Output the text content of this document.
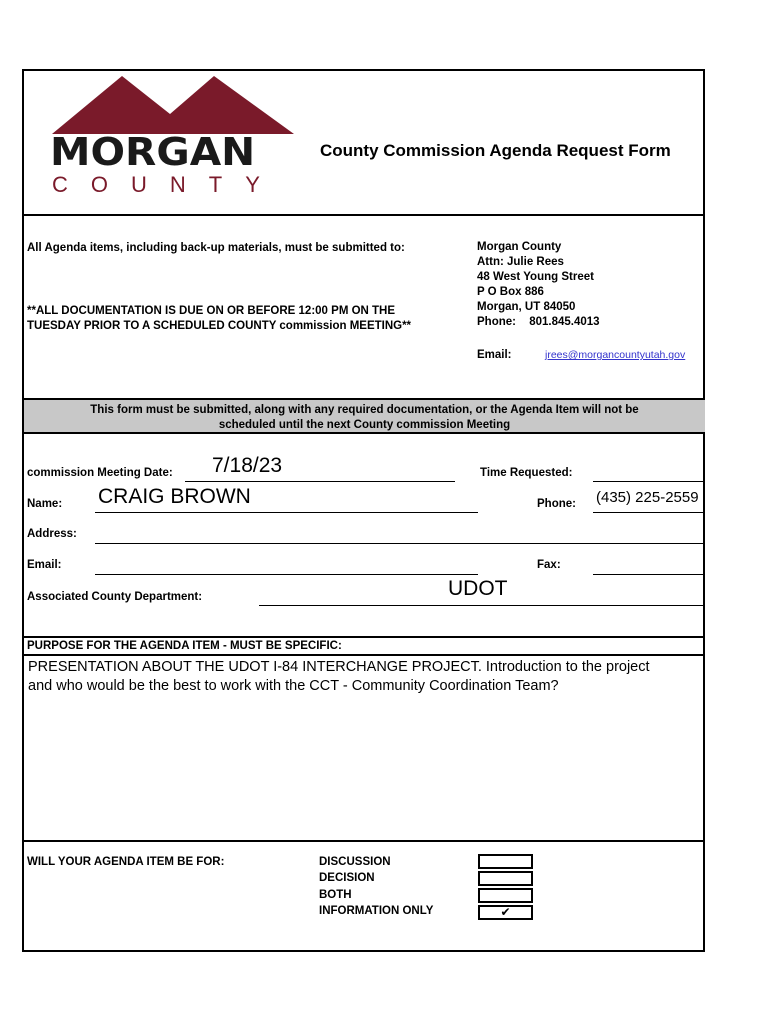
MORGAN
COUNTY
County Commission Agenda Request Form
All Agenda items, including back-up materials, must be submitted to:
**ALL DOCUMENTATION IS DUE ON OR BEFORE 12:00 PM ON THE
TUESDAY PRIOR TO A SCHEDULED COUNTY commission MEETING**
Morgan County
Attn: Julie Rees
48 West Young Street
P O Box 886
Morgan, UT 84050
Phone: 801.845.4013
Email:	jrees@morgancountyutah.gov
This form must be submitted, along with any required documentation, or the Agenda Item will not be
scheduled until the next County commission Meeting
commission Meeting Date: 7/18/23	Time Requested:
Name: CRAIG BROWN	Phone: (435) 225-2559
Address:
Email:	Fax:
Associated County Department:	UDOT
PURPOSE FOR THE AGENDA ITEM - MUST BE SPECIFIC:
PRESENTATION ABOUT THE UDOT I-84 INTERCHANGE PROJECT. Introduction to the project
and who would be the best to work with the CCT - Community Coordination Team?
WILL YOUR AGENDA ITEM BE FOR:	DISCUSSION
DECISION
BOTH
INFORMATION ONLY	✔
